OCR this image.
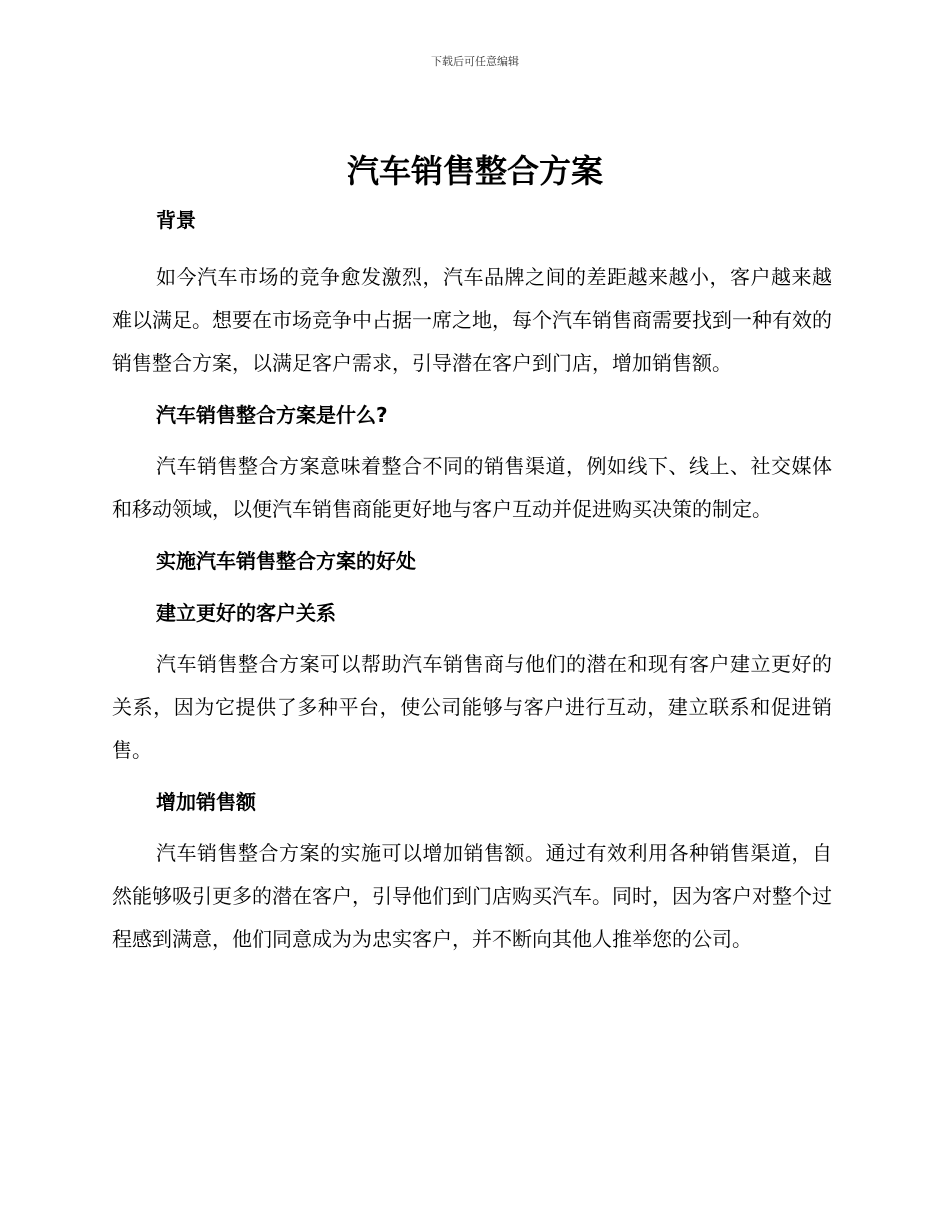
下载后可任意编辑
汽车销售整合方案
背景

如今汽车市场的竞争愈发激烈，汽车品牌之间的差距越来越小，客户越来越难以满足。想要在市场竞争中占据一席之地，每个汽车销售商需要找到一种有效的销售整合方案，以满足客户需求，引导潜在客户到门店，增加销售额。

汽车销售整合方案是什么?

汽车销售整合方案意味着整合不同的销售渠道，例如线下、线上、社交媒体和移动领域，以便汽车销售商能更好地与客户互动并促进购买决策的制定。

实施汽车销售整合方案的好处
建立更好的客户关系

汽车销售整合方案可以帮助汽车销售商与他们的潜在和现有客户建立更好的关系，因为它提供了多种平台，使公司能够与客户进行互动，建立联系和促进销售。

增加销售额

汽车销售整合方案的实施可以增加销售额。通过有效利用各种销售渠道，自然能够吸引更多的潜在客户，引导他们到门店购买汽车。同时，因为客户对整个过程感到满意，他们同意成为为忠实客户，并不断向其他人推举您的公司。
